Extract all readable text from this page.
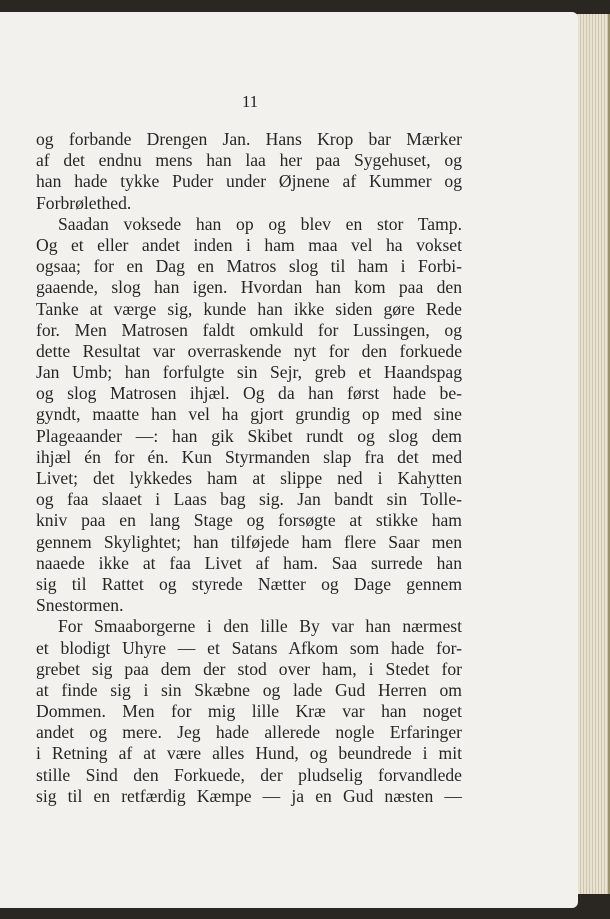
11
og forbande Drengen Jan. Hans Krop bar Mærker
af det endnu mens han laa her paa Sygehuset, og
han hade tykke Puder under Øjnene af Kummer og
Forbrølethed.
Saadan voksede han op og blev en stor Tamp.
Og et eller andet inden i ham maa vel ha vokset
ogsaa; for en Dag en Matros slog til ham i Forbi-
gaaende, slog han igen. Hvordan han kom paa den
Tanke at værge sig, kunde han ikke siden gøre Rede
for. Men Matrosen faldt omkuld for Lussingen, og
dette Resultat var overraskende nyt for den forkuede
Jan Umb; han forfulgte sin Sejr, greb et Haandspag
og slog Matrosen ihjæl. Og da han først hade be-
gyndt, maatte han vel ha gjort grundig op med sine
Plageaander —: han gik Skibet rundt og slog dem
ihjæl én for én. Kun Styrmanden slap fra det med
Livet; det lykkedes ham at slippe ned i Kahytten
og faa slaaet i Laas bag sig. Jan bandt sin Tolle-
kniv paa en lang Stage og forsøgte at stikke ham
gennem Skylightet; han tilføjede ham flere Saar men
naaede ikke at faa Livet af ham. Saa surrede han
sig til Rattet og styrede Nætter og Dage gennem
Snestormen.
For Smaaborgerne i den lille By var han nærmest
et blodigt Uhyre — et Satans Afkom som hade for-
grebet sig paa dem der stod over ham, i Stedet for
at finde sig i sin Skæbne og lade Gud Herren om
Dommen. Men for mig lille Kræ var han noget
andet og mere. Jeg hade allerede nogle Erfaringer
i Retning af at være alles Hund, og beundrede i mit
stille Sind den Forkuede, der pludselig forvandlede
sig til en retfærdig Kæmpe — ja en Gud næsten —
